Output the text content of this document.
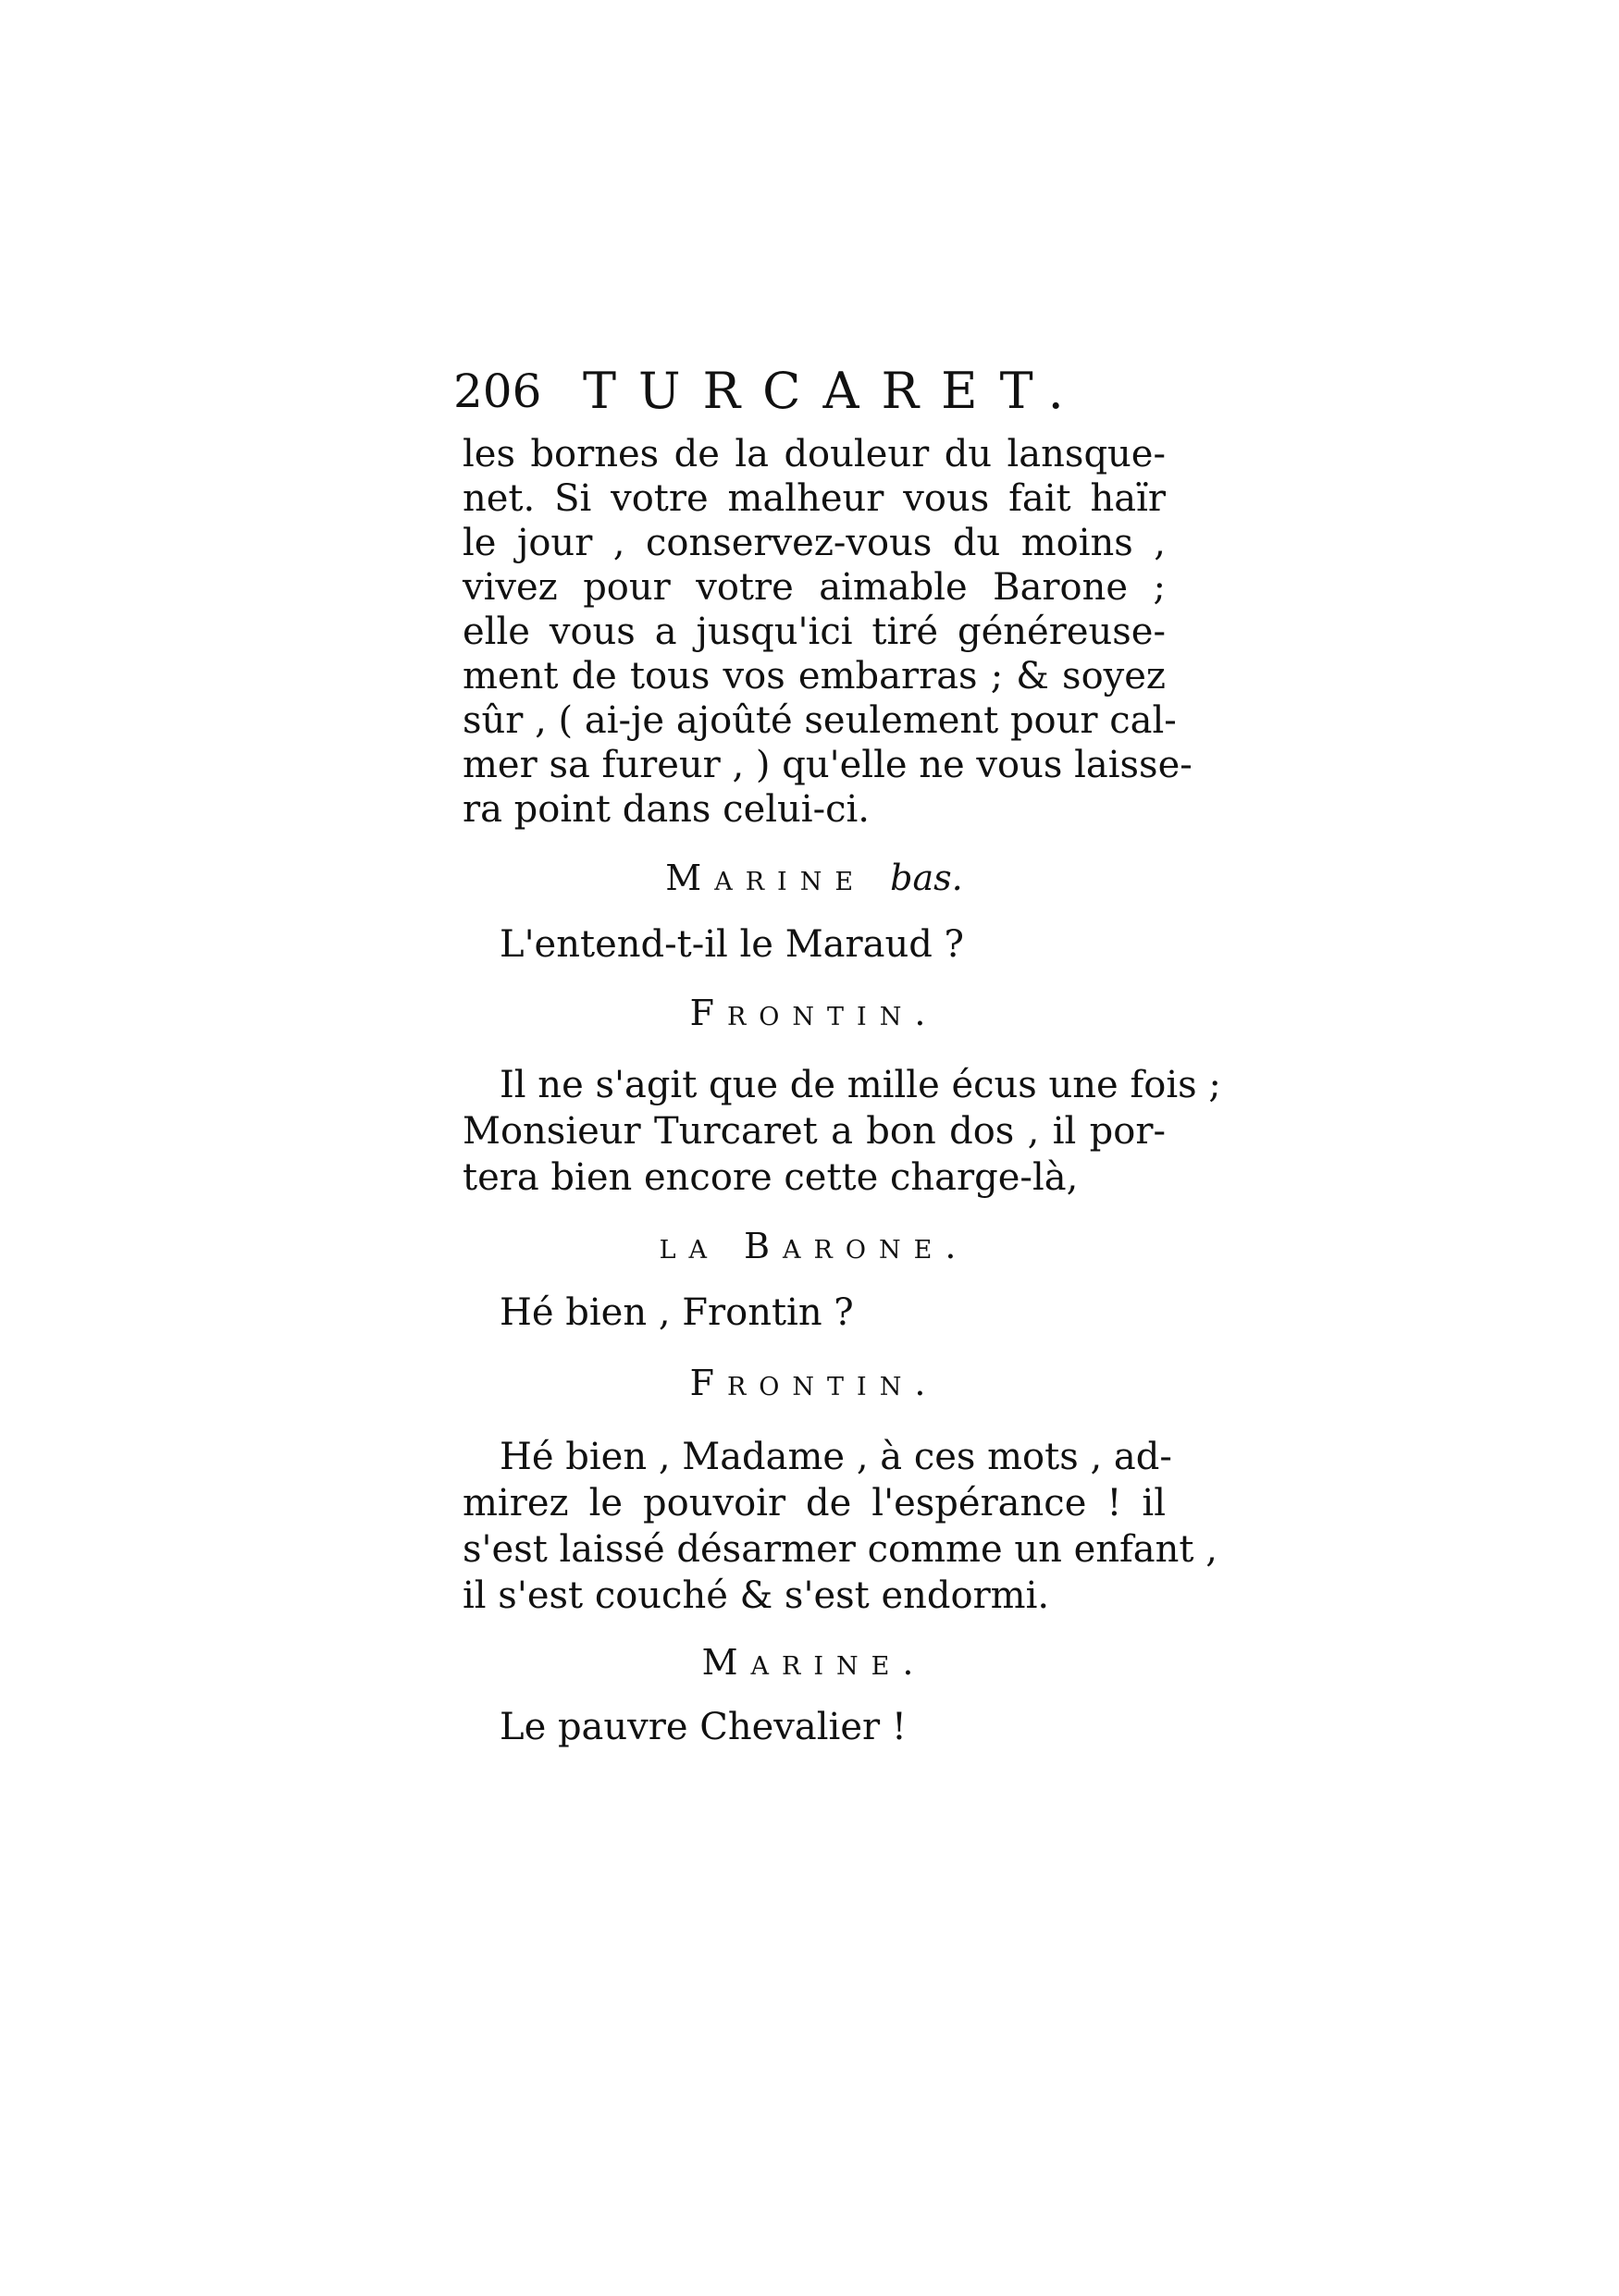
206 TURCARET.
les bornes de la douleur du lansque-
net. Si votre malheur vous fait haïr
le jour , conservez-vous du moins ,
vivez pour votre aimable Barone ;
elle vous a jusqu'ici tiré généreuse-
ment de tous vos embarras ; & soyez
sûr , ( ai-je ajoûté seulement pour cal-
mer sa fureur , ) qu'elle ne vous laisse-
ra point dans celui-ci.
Marine bas.
L'entend-t-il le Maraud ?
Frontin.
Il ne s'agit que de mille écus une fois ;
Monsieur Turcaret a bon dos , il por-
tera bien encore cette charge-là,
la Barone.
Hé bien , Frontin ?
Frontin.
Hé bien , Madame , à ces mots , ad-
mirez le pouvoir de l'espérance ! il
s'est laissé désarmer comme un enfant ,
il s'est couché & s'est endormi.
Marine.
Le pauvre Chevalier !
